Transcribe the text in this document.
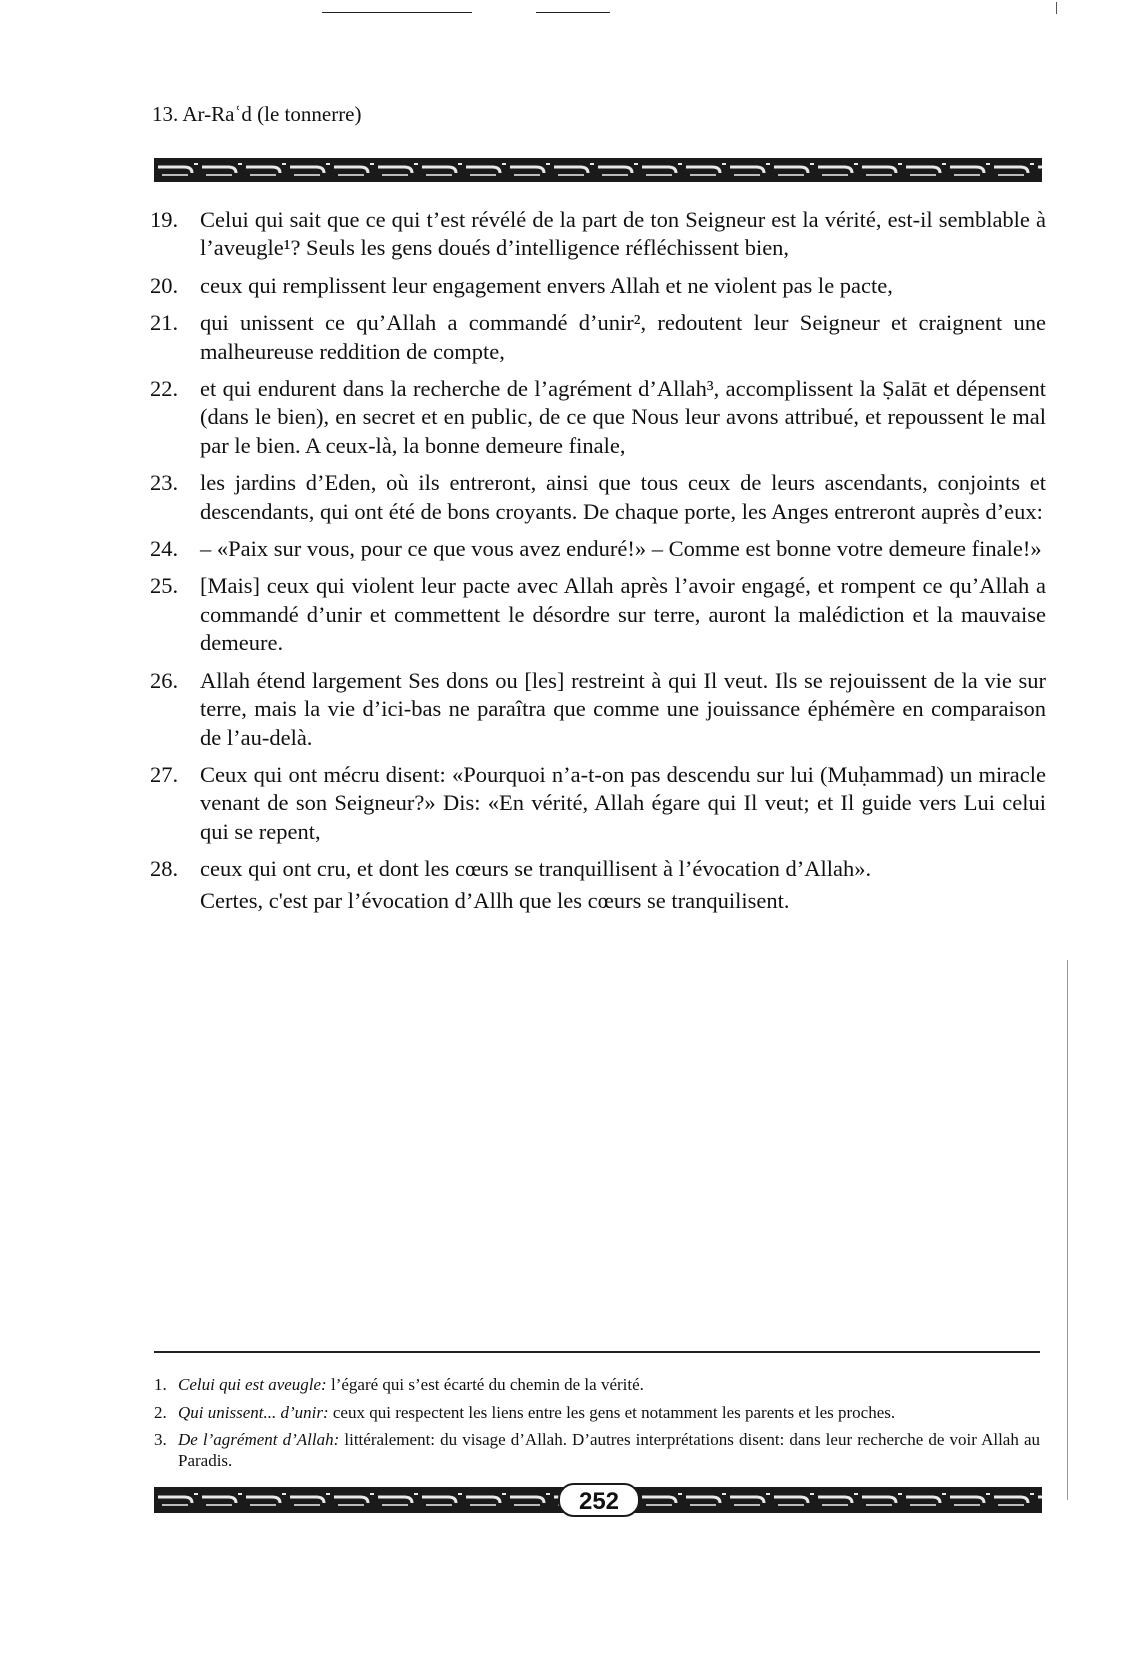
13. Ar-Raʿd (le tonnerre)
19. Celui qui sait que ce qui t’est révélé de la part de ton Seigneur est la vérité, est-il semblable à l’aveugle¹? Seuls les gens doués d’intelligence réfléchissent bien,
20. ceux qui remplissent leur engagement envers Allah et ne violent pas le pacte,
21. qui unissent ce qu’Allah a commandé d’unir², redoutent leur Seigneur et craignent une malheureuse reddition de compte,
22. et qui endurent dans la recherche de l’agrément d’Allah³, accomplissent la Ṣalāt et dépensent (dans le bien), en secret et en public, de ce que Nous leur avons attribué, et repoussent le mal par le bien. A ceux-là, la bonne demeure finale,
23. les jardins d’Eden, où ils entreront, ainsi que tous ceux de leurs ascendants, conjoints et descendants, qui ont été de bons croyants. De chaque porte, les Anges entreront auprès d’eux:
24. – «Paix sur vous, pour ce que vous avez enduré!» – Comme est bonne votre demeure finale!»
25. [Mais] ceux qui violent leur pacte avec Allah après l’avoir engagé, et rompent ce qu’Allah a commandé d’unir et commettent le désordre sur terre, auront la malédiction et la mauvaise demeure.
26. Allah étend largement Ses dons ou [les] restreint à qui Il veut. Ils se rejouissent de la vie sur terre, mais la vie d’ici-bas ne paraîtra que comme une jouissance éphémère en comparaison de l’au-delà.
27. Ceux qui ont mécru disent: «Pourquoi n’a-t-on pas descendu sur lui (Muḥammad) un miracle venant de son Seigneur?» Dis: «En vérité, Allah égare qui Il veut; et Il guide vers Lui celui qui se repent,
28. ceux qui ont cru, et dont les cœurs se tranquillisent à l’évocation d’Allah».
Certes, c'est par l’évocation d’Allh que les cœurs se tranquilisent.
1. Celui qui est aveugle: l’égaré qui s’est écarté du chemin de la vérité.
2. Qui unissent... d’unir: ceux qui respectent les liens entre les gens et notamment les parents et les proches.
3. De l’agrément d’Allah: littéralement: du visage d’Allah. D’autres interprétations disent: dans leur recherche de voir Allah au Paradis.
252
